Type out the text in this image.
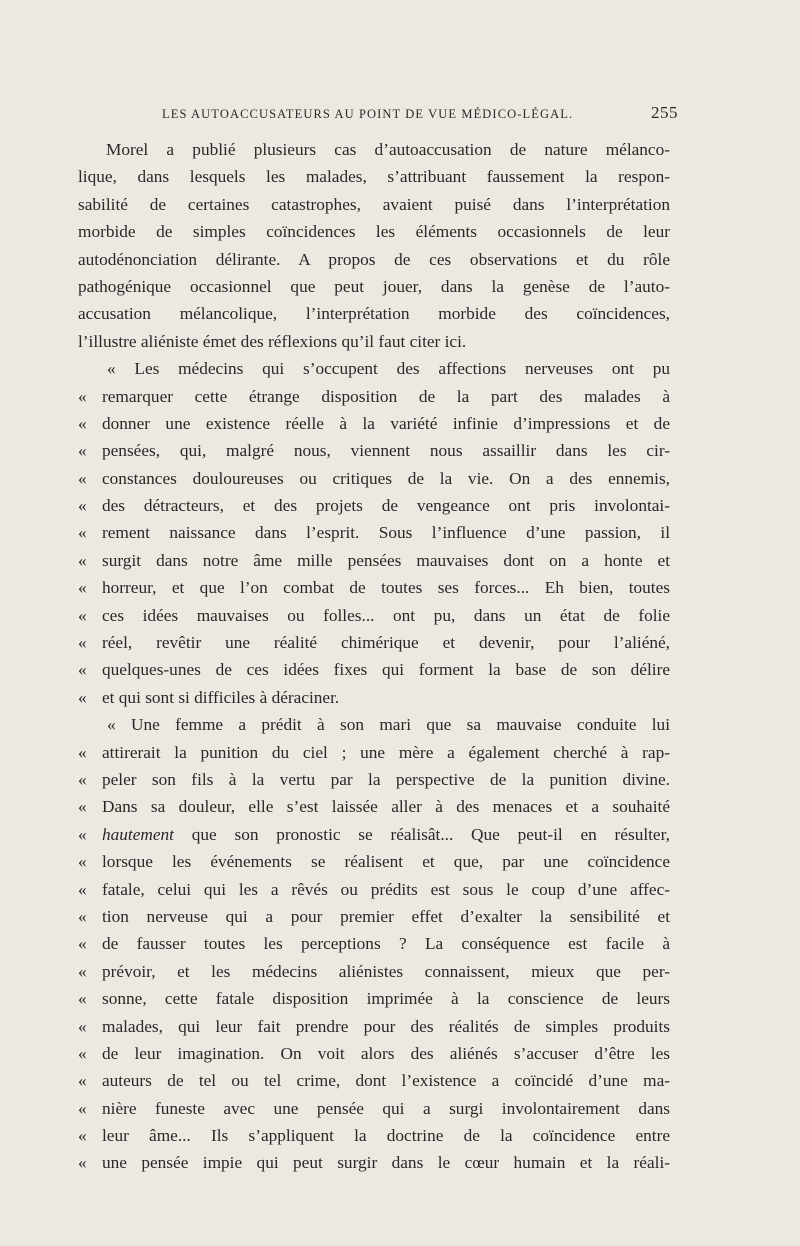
LES AUTOACCUSATEURS AU POINT DE VUE MÉDICO-LÉGAL.	255
Morel a publié plusieurs cas d’autoaccusation de nature mélanco-
lique, dans lesquels les malades, s’attribuant faussement la respon-
sabilité de certaines catastrophes, avaient puisé dans l’interprétation
morbide de simples coïncidences les éléments occasionnels de leur
autodénonciation délirante. A propos de ces observations et du rôle
pathogénique occasionnel que peut jouer, dans la genèse de l’auto-
accusation mélancolique, l’interprétation morbide des coïncidences,
l’illustre aliéniste émet des réflexions qu’il faut citer ici.
« Les médecins qui s’occupent des affections nerveuses ont pu
« remarquer cette étrange disposition de la part des malades à
« donner une existence réelle à la variété infinie d’impressions et de
« pensées, qui, malgré nous, viennent nous assaillir dans les cir-
« constances douloureuses ou critiques de la vie. On a des ennemis,
« des détracteurs, et des projets de vengeance ont pris involontai-
« rement naissance dans l’esprit. Sous l’influence d’une passion, il
« surgit dans notre âme mille pensées mauvaises dont on a honte et
« horreur, et que l’on combat de toutes ses forces... Eh bien, toutes
« ces idées mauvaises ou folles... ont pu, dans un état de folie
« réel, revêtir une réalité chimérique et devenir, pour l’aliéné,
« quelques-unes de ces idées fixes qui forment la base de son délire
« et qui sont si difficiles à déraciner.
« Une femme a prédit à son mari que sa mauvaise conduite lui
« attirerait la punition du ciel ; une mère a également cherché à rap-
« peler son fils à la vertu par la perspective de la punition divine.
« Dans sa douleur, elle s’est laissée aller à des menaces et a souhaité
« hautement que son pronostic se réalisât... Que peut-il en résulter,
« lorsque les événements se réalisent et que, par une coïncidence
« fatale, celui qui les a rêvés ou prédits est sous le coup d’une affec-
« tion nerveuse qui a pour premier effet d’exalter la sensibilité et
« de fausser toutes les perceptions ? La conséquence est facile à
« prévoir, et les médecins aliénistes connaissent, mieux que per-
« sonne, cette fatale disposition imprimée à la conscience de leurs
« malades, qui leur fait prendre pour des réalités de simples produits
« de leur imagination. On voit alors des aliénés s’accuser d’être les
« auteurs de tel ou tel crime, dont l’existence a coïncidé d’une ma-
« nière funeste avec une pensée qui a surgi involontairement dans
« leur âme... Ils s’appliquent la doctrine de la coïncidence entre
« une pensée impie qui peut surgir dans le cœur humain et la réali-
